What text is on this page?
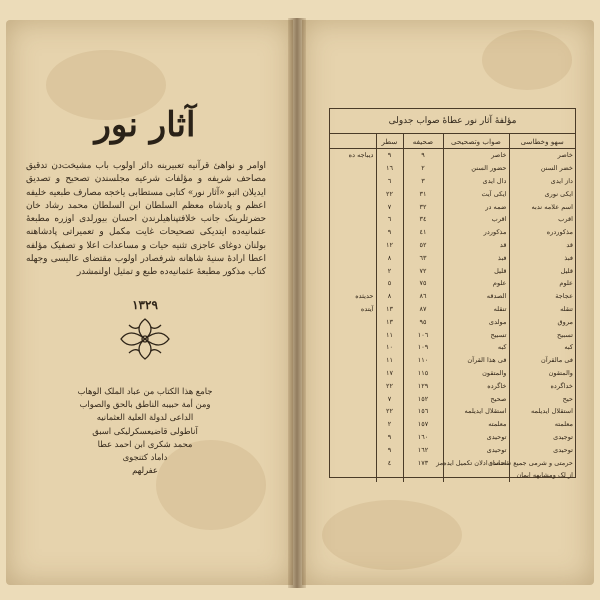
آثار نور
اوامر و نواهئ قرآنیه تعبیرینه دائر اولوب باب مشیخت‌دن تدقیق مصاحف شریفه و مؤلفات شرعیه مجلسندن تصحیح و تصدیق ایدیلان اثبو «آثار نور» کتابی مستطابی یاخجه مصارف طبعیه خلیفه اعظم و پادشاه معظم السلطان ابن السلطان محمد رشاد خان حضرتلرینک جانب خلافتپناهیلرندن احسان بیورلدی اوزره مطبعهٔ عثمانیه‌ده ایتدیکی تصحیحات غایت مکمل و تعمیراتی پادشاهنه بولنان دوغای عاجزی تثنیه حیات و مساعدات اعلا و تصفیک مؤلفه اعطا ارادهٔ سنیهٔ شاهانه شرفصادر اولوب مقتضای عالیسی وجهله کتاب مذکور مطبعهٔ عثمانیه‌ده طبع و تمثیل اولنمشدر
١٣٢٩
جامع هذا الکتاب من عباد الملک الوهاب
ومن أمة حبیبه الناطق بالحق والصواب
الداعی لدولة العلیة العثمانیه
آناطولی قاضیعسکرلیکی اسبق
محمد شکری ابن احمد عطا
داماد کتنجوی
عفرلهم
مؤلفهٔ آثار نور عطاهٔ صواب جدولی
سهو وخطاسی	صواب وتصحیحی	صحیفه	سطر	
خاصر	خاصر	٩	٩	دیباجه ده
خضر السنن	حضور السنن	٢	١٦	
داز ایدی	دال ایدی	٣	٦	
ایکی نوری	ایکی آیت	٣١	٢٢	
اسم علامه ندبه	ضمه در	٣٢	٧	
اقرب	اقرب	٣٤	٦	
مذکوردره	مذکوردر	٤١	٩	
قد	قد	٥٢	١٢	
فبذ	فبذ	٦٣	٨	
قلیل	قلیل	٧٢	٢	
علوم	علوم	٧٥	٥	
عجاجة	الصدقه	٨٦	٨	حدیثده
تنقله	تنقله	٨٧	١٣	آیتده
مروق	مولدی	٩٥	١٣	
تسبیح	تسبیح	١٠٦	١١	
کبه	کبه	١٠٩	١٠	
فی مالقرآن	فی هذا القرآن	١١٠	١١	
والمتقون	والمتقون	١١٥	١٧	
خداگرده	خاگرده	١٢٩	٢٢	
حیح	صحیح	١٥٢	٧	
استقلال ایدیلمه	استقلال ایدیلمه	١٥٦	٢٢	
معلمته	معلمته	١٥٧	٢	
توجیدی	توحیدی	١٦٠	٩	
توحیدی	توحیدی	١٦٢	٩	
حرمتی و شرمی جمیع نقصاندن	احصاء ادلان تکمیل ایده‌مز	١٧٣	٤	
از لک ومشابهه ایمان				
